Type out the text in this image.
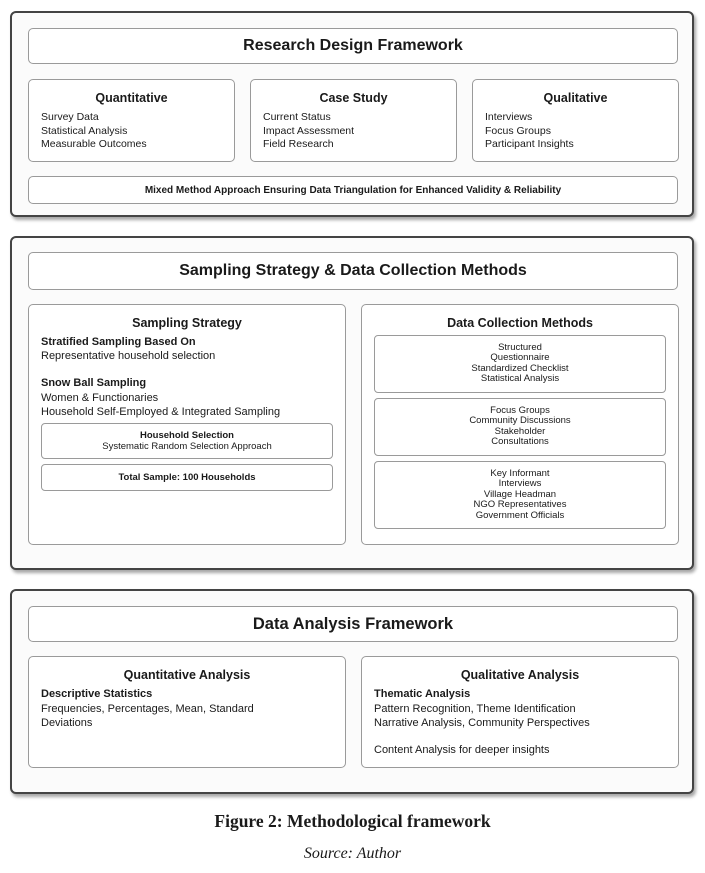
Research Design Framework
Quantitative
Survey Data
Statistical Analysis
Measurable Outcomes
Case Study
Current Status
Impact Assessment
Field Research
Qualitative
Interviews
Focus Groups
Participant Insights
Mixed Method Approach Ensuring Data Triangulation for Enhanced Validity & Reliability
Sampling Strategy & Data Collection Methods
Sampling Strategy
Stratified Sampling Based On
Representative household selection
Snow Ball Sampling
Women & Functionaries
Household Self-Employed & Integrated Sampling
Household Selection
Systematic Random Selection Approach
Total Sample: 100 Households
Data Collection Methods
Structured
Questionnaire
Standardized Checklist
Statistical Analysis
Focus Groups
Community Discussions
Stakeholder
Consultations
Key Informant
Interviews
Village Headman
NGO Representatives
Government Officials
Data Analysis Framework
Quantitative Analysis
Descriptive Statistics
Frequencies, Percentages, Mean, Standard
Deviations
Qualitative Analysis
Thematic Analysis
Pattern Recognition, Theme Identification
Narrative Analysis, Community Perspectives
Content Analysis for deeper insights
Figure 2: Methodological framework
Source: Author
